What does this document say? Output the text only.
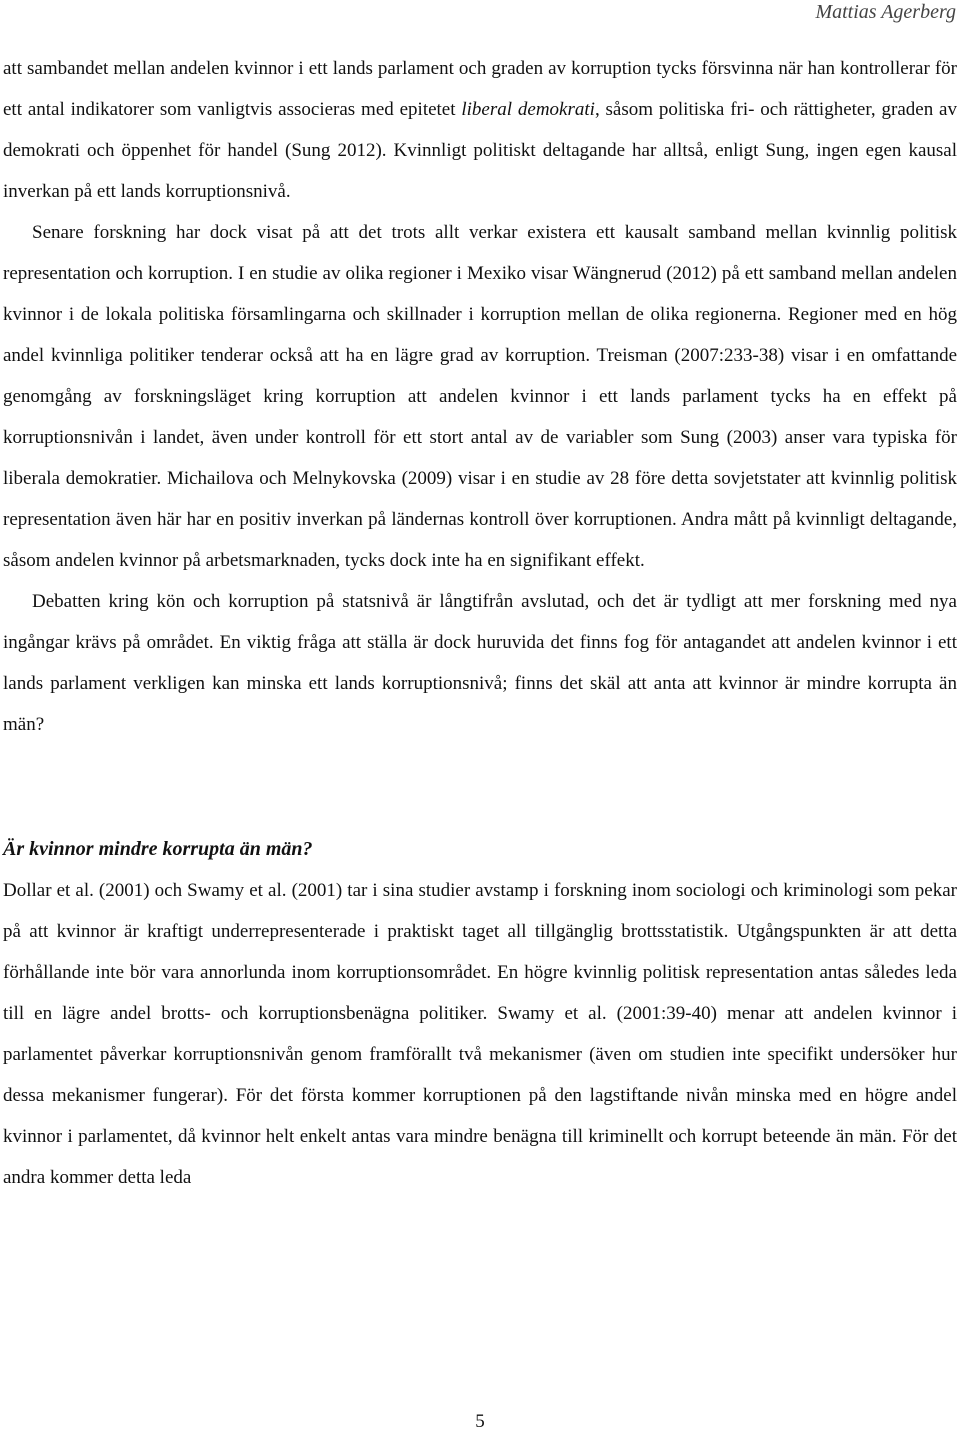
Mattias Agerberg

att sambandet mellan andelen kvinnor i ett lands parlament och graden av korruption tycks försvinna när han kontrollerar för ett antal indikatorer som vanligtvis associeras med epitetet liberal demokrati, såsom politiska fri- och rättigheter, graden av demokrati och öppenhet för handel (Sung 2012). Kvinnligt politiskt deltagande har alltså, enligt Sung, ingen egen kausal inverkan på ett lands korruptionsnivå.

Senare forskning har dock visat på att det trots allt verkar existera ett kausalt samband mellan kvinnlig politisk representation och korruption. I en studie av olika regioner i Mexiko visar Wängnerud (2012) på ett samband mellan andelen kvinnor i de lokala politiska församlingarna och skillnader i korruption mellan de olika regionerna. Regioner med en hög andel kvinnliga politiker tenderar också att ha en lägre grad av korruption. Treisman (2007:233-38) visar i en omfattande genomgång av forskningsläget kring korruption att andelen kvinnor i ett lands parlament tycks ha en effekt på korruptionsnivån i landet, även under kontroll för ett stort antal av de variabler som Sung (2003) anser vara typiska för liberala demokratier. Michailova och Melnykovska (2009) visar i en studie av 28 före detta sovjetstater att kvinnlig politisk representation även här har en positiv inverkan på ländernas kontroll över korruptionen. Andra mått på kvinnligt deltagande, såsom andelen kvinnor på arbetsmarknaden, tycks dock inte ha en signifikant effekt.

Debatten kring kön och korruption på statsnivå är långtifrån avslutad, och det är tydligt att mer forskning med nya ingångar krävs på området. En viktig fråga att ställa är dock huruvida det finns fog för antagandet att andelen kvinnor i ett lands parlament verkligen kan minska ett lands korruptionsnivå; finns det skäl att anta att kvinnor är mindre korrupta än män?

Är kvinnor mindre korrupta än män?

Dollar et al. (2001) och Swamy et al. (2001) tar i sina studier avstamp i forskning inom sociologi och kriminologi som pekar på att kvinnor är kraftigt underrepresenterade i praktiskt taget all tillgänglig brottsstatistik. Utgångspunkten är att detta förhållande inte bör vara annorlunda inom korruptionsområdet. En högre kvinnlig politisk representation antas således leda till en lägre andel brotts- och korruptionsbenägna politiker. Swamy et al. (2001:39-40) menar att andelen kvinnor i parlamentet påverkar korruptionsnivån genom framförallt två mekanismer (även om studien inte specifikt undersöker hur dessa mekanismer fungerar). För det första kommer korruptionen på den lagstiftande nivån minska med en högre andel kvinnor i parlamentet, då kvinnor helt enkelt antas vara mindre benägna till kriminellt och korrupt beteende än män. För det andra kommer detta leda

5
